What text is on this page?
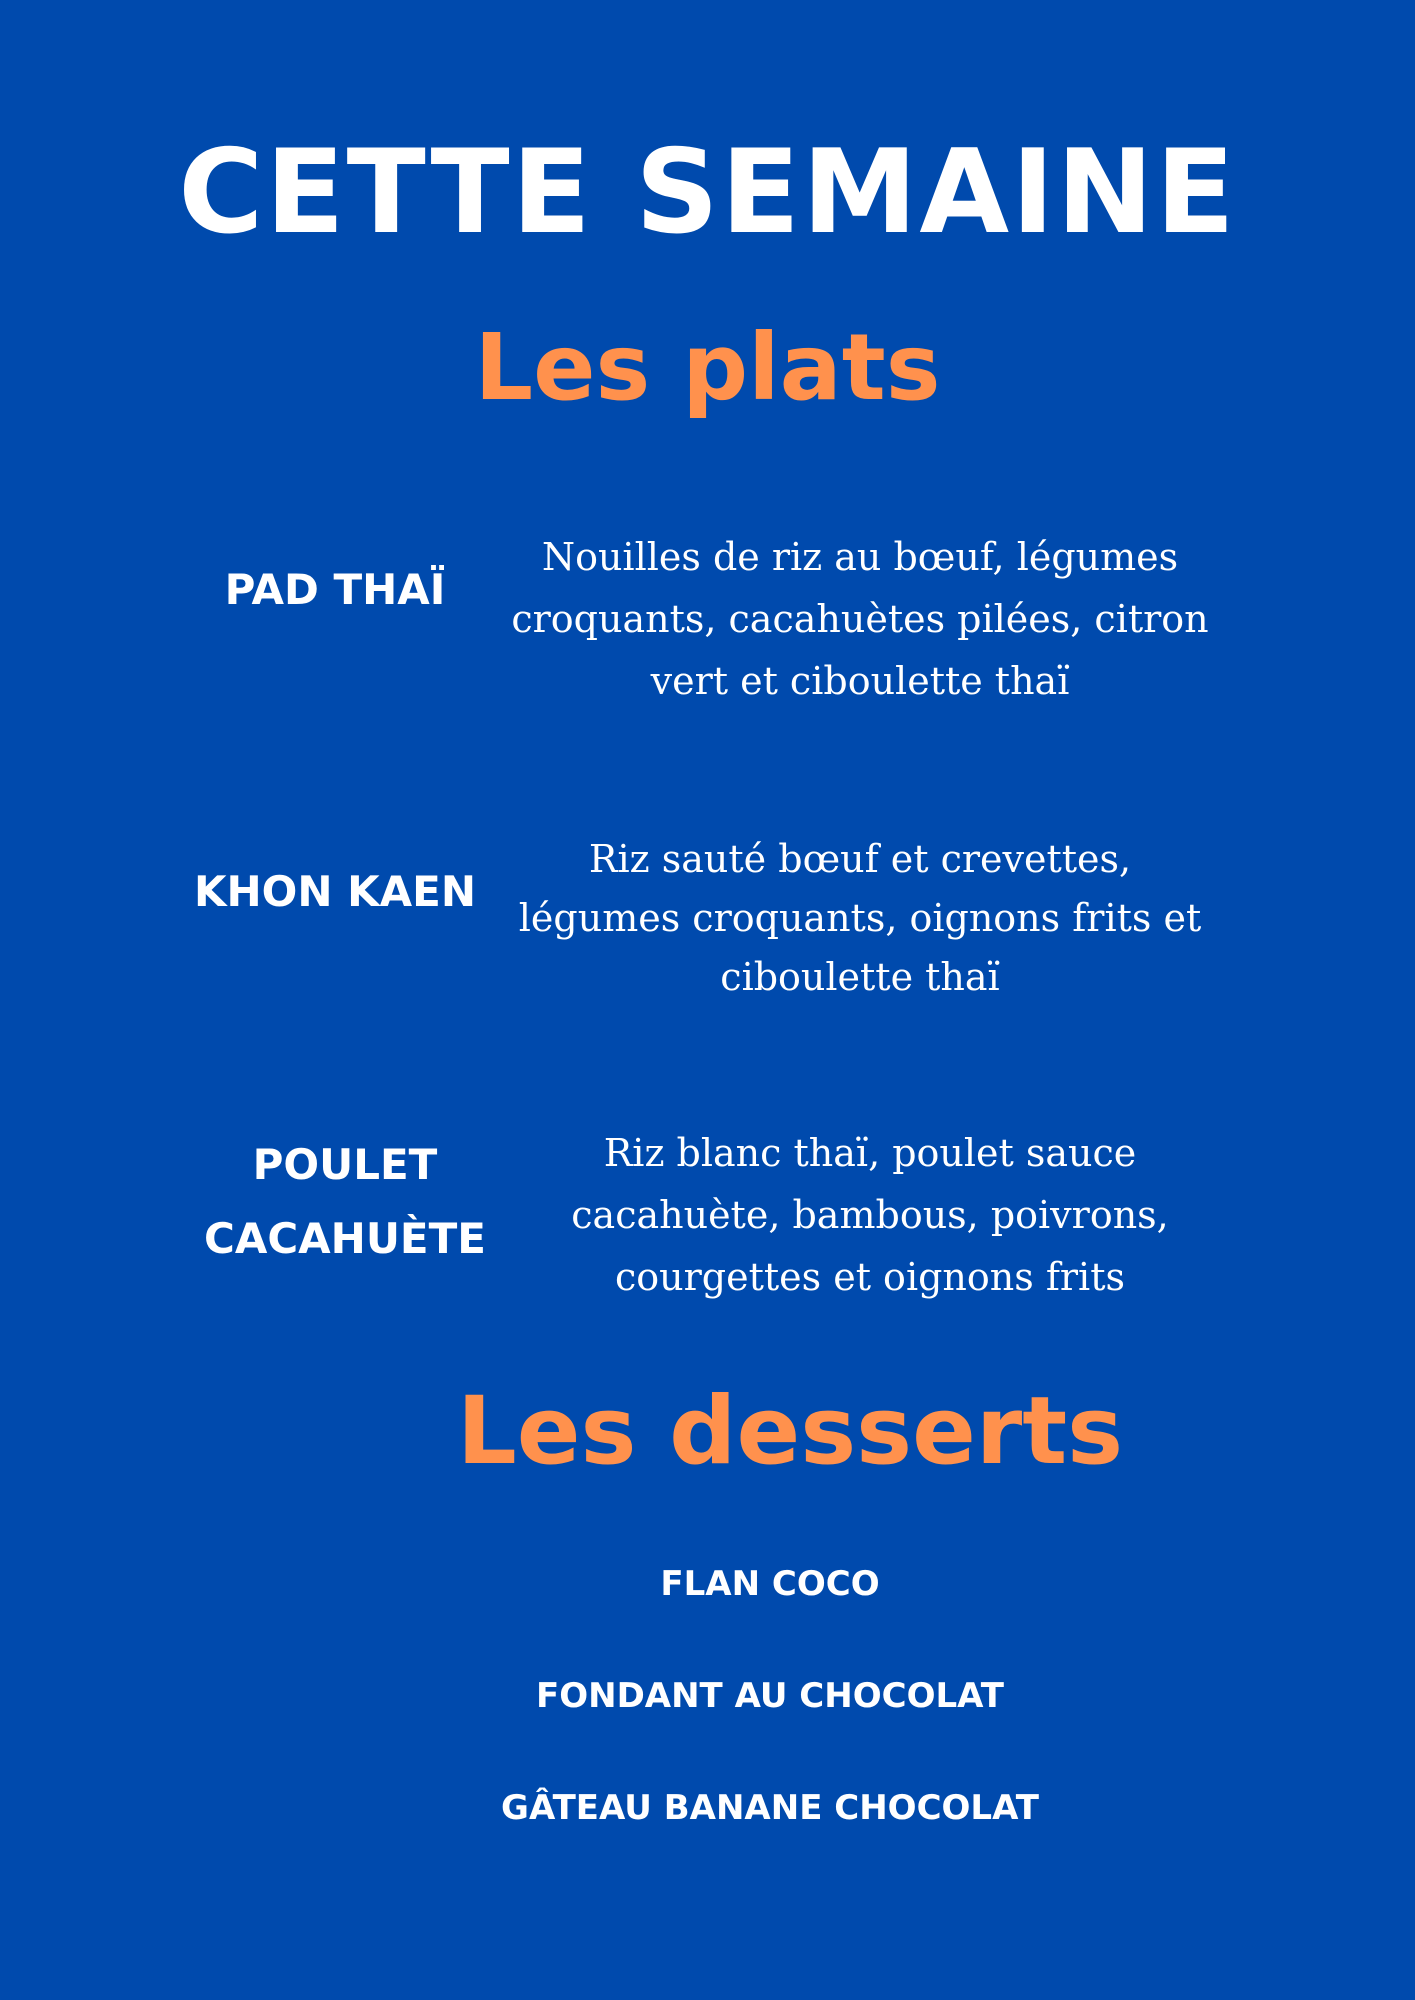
CETTE SEMAINE
Les plats
PAD THAÏ
Nouilles de riz au bœuf, légumes croquants, cacahuètes pilées, citron vert et ciboulette thaï
KHON KAEN
Riz sauté bœuf et crevettes, légumes croquants, oignons frits et ciboulette thaï
POULET CACAHUÈTE
Riz blanc thaï, poulet sauce cacahuète, bambous, poivrons, courgettes et oignons frits
Les desserts
FLAN COCO
FONDANT AU CHOCOLAT
GÂTEAU BANANE CHOCOLAT
